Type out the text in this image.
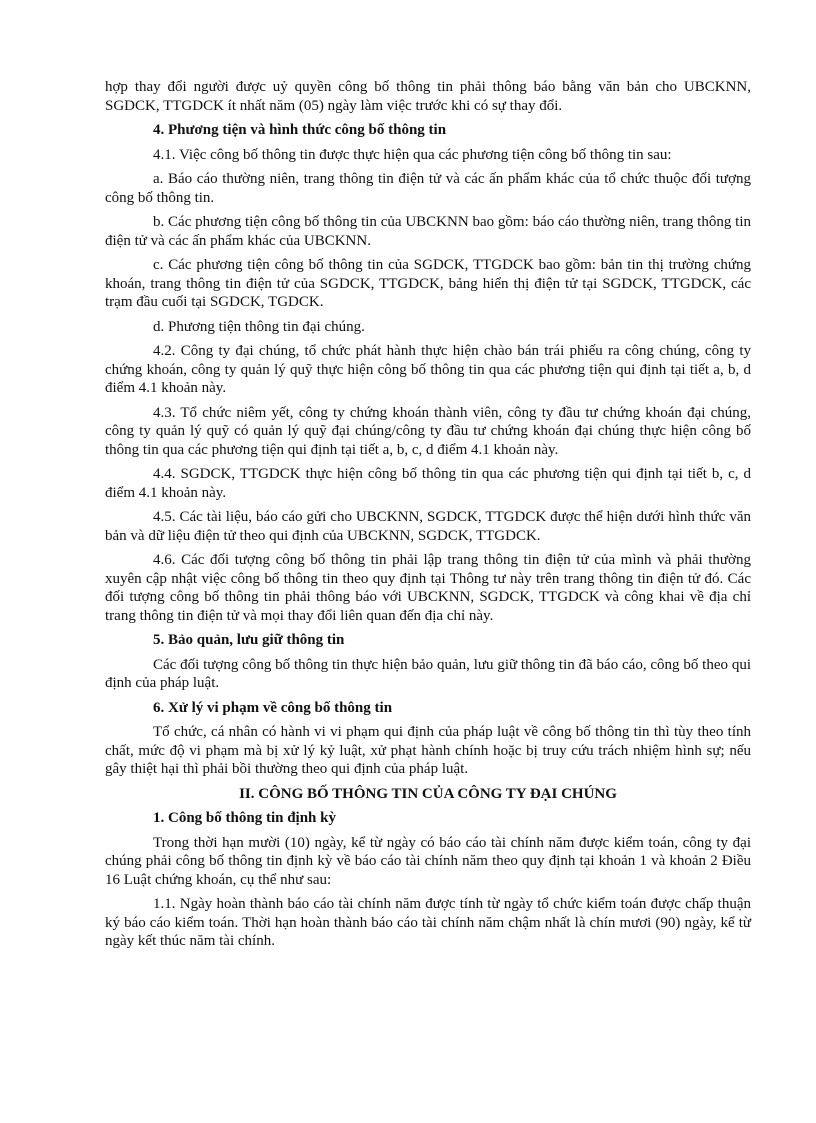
hợp thay đổi người được uỷ quyền công bố thông tin phải thông báo bằng văn bản cho UBCKNN, SGDCK, TTGDCK ít nhất năm (05) ngày làm việc trước khi có sự thay đổi.

4. Phương tiện và hình thức công bố thông tin

4.1. Việc công bố thông tin được thực hiện qua các phương tiện công bố thông tin sau:

a. Báo cáo thường niên, trang thông tin điện tử và các ấn phẩm khác của tổ chức thuộc đối tượng công bố thông tin.

b. Các phương tiện công bố thông tin của UBCKNN bao gồm: báo cáo thường niên, trang thông tin điện tử và các ấn phẩm khác của UBCKNN.

c. Các phương tiện công bố thông tin của SGDCK, TTGDCK bao gồm: bản tin thị trường chứng khoán, trang thông tin điện tử của SGDCK, TTGDCK, bảng hiển thị điện tử tại SGDCK, TTGDCK, các trạm đầu cuối tại SGDCK, TGDCK.

d. Phương tiện thông tin đại chúng.

4.2. Công ty đại chúng, tổ chức phát hành thực hiện chào bán trái phiếu ra công chúng, công ty chứng khoán, công ty quản lý quỹ thực hiện công bố thông tin qua các phương tiện qui định tại tiết a, b, d điểm 4.1 khoản này.

4.3. Tổ chức niêm yết, công ty chứng khoán thành viên, công ty đầu tư chứng khoán đại chúng, công ty quản lý quỹ có quản lý quỹ đại chúng/công ty đầu tư chứng khoán đại chúng thực hiện công bố thông tin qua các phương tiện qui định tại tiết a, b, c, d điểm 4.1 khoản này.

4.4. SGDCK, TTGDCK thực hiện công bố thông tin qua các phương tiện qui định tại tiết b, c, d điểm 4.1 khoản này.

4.5. Các tài liệu, báo cáo gửi cho UBCKNN, SGDCK, TTGDCK được thể hiện dưới hình thức văn bản và dữ liệu điện tử theo qui định của UBCKNN, SGDCK, TTGDCK.

4.6. Các đối tượng công bố thông tin phải lập trang thông tin điện tử của mình và phải thường xuyên cập nhật việc công bố thông tin theo quy định tại Thông tư này trên trang thông tin điện tử đó. Các đối tượng công bố thông tin phải thông báo với UBCKNN, SGDCK, TTGDCK và công khai về địa chỉ trang thông tin điện tử và mọi thay đổi liên quan đến địa chỉ này.

5. Bảo quản, lưu giữ thông tin

Các đối tượng công bố thông tin thực hiện bảo quản, lưu giữ thông tin đã báo cáo, công bố theo qui định của pháp luật.

6. Xử lý vi phạm về công bố thông tin

Tổ chức, cá nhân có hành vi vi phạm qui định của pháp luật về công bố thông tin thì tùy theo tính chất, mức độ vi phạm mà bị xử lý kỷ luật, xử phạt hành chính hoặc bị truy cứu trách nhiệm hình sự; nếu gây thiệt hại thì phải bồi thường theo qui định của pháp luật.

II. CÔNG BỐ THÔNG TIN CỦA CÔNG TY ĐẠI CHÚNG

1. Công bố thông tin định kỳ

Trong thời hạn mười (10) ngày, kể từ ngày có báo cáo tài chính năm được kiểm toán, công ty đại chúng phải công bố thông tin định kỳ về báo cáo tài chính năm theo quy định tại khoản 1 và khoản 2 Điều 16 Luật chứng khoán, cụ thể như sau:

1.1. Ngày hoàn thành báo cáo tài chính năm được tính từ ngày tổ chức kiểm toán được chấp thuận ký báo cáo kiểm toán. Thời hạn hoàn thành báo cáo tài chính năm chậm nhất là chín mươi (90) ngày, kể từ ngày kết thúc năm tài chính.
